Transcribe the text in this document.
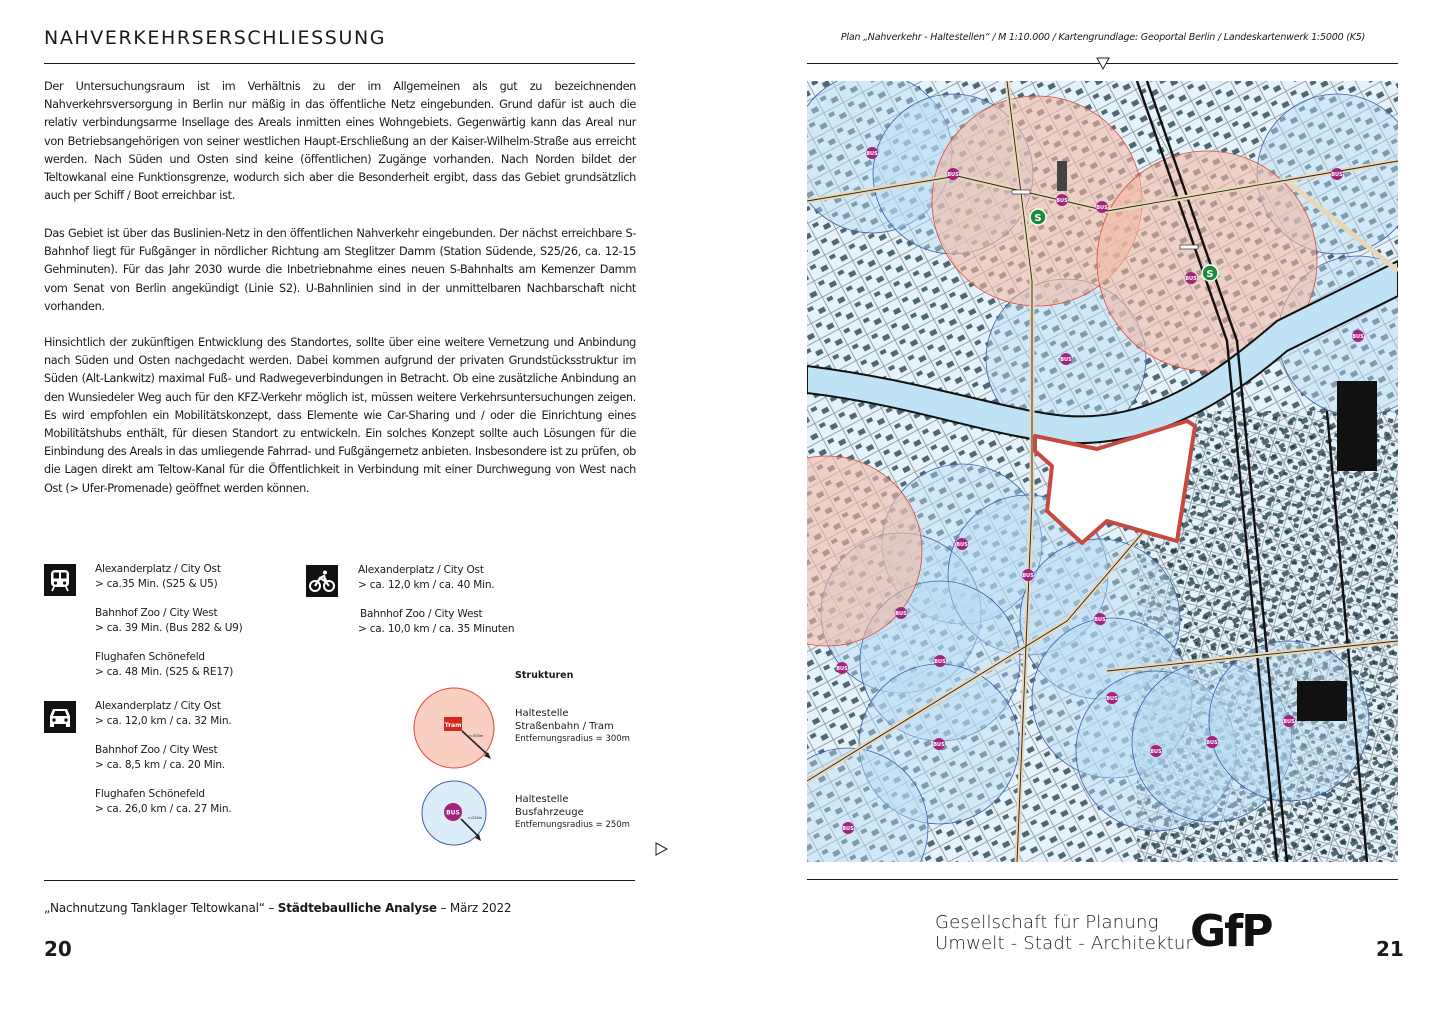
NAHVERKEHRSERSCHLIESSUNG

Der Untersuchungsraum ist im Verhältnis zu der im Allgemeinen als gut zu bezeichnenden Nahverkehrsversorgung in Berlin nur mäßig in das öffentliche Netz eingebunden. Grund dafür ist auch die relativ verbindungsarme Insellage des Areals inmitten eines Wohngebiets. Gegenwärtig kann das Areal nur von Betriebsangehörigen von seiner westlichen Haupt-Erschließung an der Kaiser-Wilhelm-Straße aus erreicht werden. Nach Süden und Osten sind keine (öffentlichen) Zugänge vorhanden. Nach Norden bildet der Teltowkanal eine Funktionsgrenze, wodurch sich aber die Besonderheit ergibt, dass das Gebiet grundsätzlich auch per Schiff / Boot erreichbar ist.

Das Gebiet ist über das Buslinien-Netz in den öffentlichen Nahverkehr eingebunden. Der nächst erreichbare S-Bahnhof liegt für Fußgänger in nördlicher Richtung am Steglitzer Damm (Station Südende, S25/26, ca. 12-15 Gehminuten). Für das Jahr 2030 wurde die Inbetriebnahme eines neuen S-Bahnhalts am Kemenzer Damm vom Senat von Berlin angekündigt (Linie S2). U-Bahnlinien sind in der unmittelbaren Nachbarschaft nicht vorhanden.

Hinsichtlich der zukünftigen Entwicklung des Standortes, sollte über eine weitere Vernetzung und Anbindung nach Süden und Osten nachgedacht werden. Dabei kommen aufgrund der privaten Grundstücksstruktur im Süden (Alt-Lankwitz) maximal Fuß- und Radwegeverbindungen in Betracht. Ob eine zusätzliche Anbindung an den Wunsiedeler Weg auch für den KFZ-Verkehr möglich ist, müssen weitere Verkehrsuntersuchungen zeigen. Es wird empfohlen ein Mobilitätskonzept, dass Elemente wie Car-Sharing und / oder die Einrichtung eines Mobilitätshubs enthält, für diesen Standort zu entwickeln. Ein solches Konzept sollte auch Lösungen für die Einbindung des Areals in das umliegende Fahrrad- und Fußgängernetz anbieten. Insbesondere ist zu prüfen, ob die Lagen direkt am Teltow-Kanal für die Öffentlichkeit in Verbindung mit einer Durchwegung von West nach Ost (> Ufer-Promenade) geöffnet werden können.

Alexanderplatz / City Ost
> ca.35 Min. (S25 & U5)
Bahnhof Zoo / City West
> ca. 39 Min. (Bus 282 & U9)
Flughafen Schönefeld
> ca. 48 Min. (S25 & RE17)
Alexanderplatz / City Ost
> ca. 12,0 km / ca. 32 Min.
Bahnhof Zoo / City West
> ca. 8,5 km / ca. 20 Min.
Flughafen Schönefeld
> ca. 26,0 km / ca. 27 Min.
Alexanderplatz / City Ost
> ca. 12,0 km / ca. 40 Min.
Bahnhof Zoo / City West
> ca. 10,0 km / ca. 35 Minuten
Strukturen
Tram
r=300m
Haltestelle
Straßenbahn / Tram
Entfernungsradius = 300m
BUS
r=250m
Haltestelle
Busfahrzeuge
Entfernungsradius = 250m
„Nachnutzung Tanklager Teltowkanal“ – Städtebaulliche Analyse – März 2022
20
Plan „Nahverkehr - Haltestellen“ / M 1:10.000 / Kartengrundlage: Geoportal Berlin / Landeskartenwerk 1:5000 (K5)
BUS
BUS
BUS
BUS
BUS
BUS
BUS
BUS
BUS
BUS
BUS
BUS
BUS
BUS
BUS
BUS
BUS
BUS
BUS
BUS
S
S
Gesellschaft für Planung
Umwelt - Stadt - Architektur
GfP	21
